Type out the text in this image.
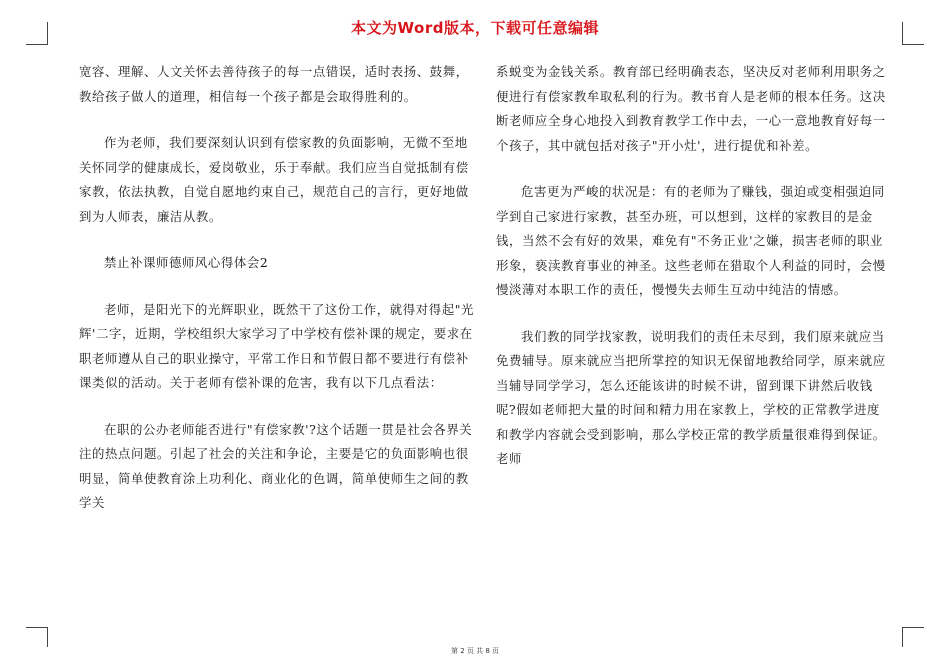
本文为Word版本，下载可任意编辑

宽容、理解、人文关怀去善待孩子的每一点错误，适时表扬、鼓舞，教给孩子做人的道理，相信每一个孩子都是会取得胜利的。

作为老师，我们要深刻认识到有偿家教的负面影响，无微不至地关怀同学的健康成长，爱岗敬业，乐于奉献。我们应当自觉抵制有偿家教，依法执教，自觉自愿地约束自己，规范自己的言行，更好地做到为人师表，廉洁从教。

禁止补课师德师风心得体会2

老师，是阳光下的光辉职业，既然干了这份工作，就得对得起"光辉'二字，近期，学校组织大家学习了中学校有偿补课的规定，要求在职老师遵从自己的职业操守，平常工作日和节假日都不要进行有偿补课类似的活动。关于老师有偿补课的危害，我有以下几点看法：

在职的公办老师能否进行"有偿家教'?这个话题一贯是社会各界关注的热点问题。引起了社会的关注和争论，主要是它的负面影响也很明显，简单使教育涂上功利化、商业化的色调，简单使师生之间的教学关

系蜕变为金钱关系。教育部已经明确表态，坚决反对老师利用职务之便进行有偿家教牟取私利的行为。教书育人是老师的根本任务。这决断老师应全身心地投入到教育教学工作中去，一心一意地教育好每一个孩子，其中就包括对孩子"开小灶'，进行提优和补差。

危害更为严峻的状况是：有的老师为了赚钱，强迫或变相强迫同学到自己家进行家教，甚至办班，可以想到，这样的家教目的是金钱，当然不会有好的效果，难免有"不务正业'之嫌，损害老师的职业形象，亵渎教育事业的神圣。这些老师在猎取个人利益的同时，会慢慢淡薄对本职工作的责任，慢慢失去师生互动中纯洁的情感。

我们教的同学找家教，说明我们的责任未尽到，我们原来就应当免费辅导。原来就应当把所掌控的知识无保留地教给同学，原来就应当辅导同学学习，怎么还能该讲的时候不讲，留到课下讲然后收钱呢?假如老师把大量的时间和精力用在家教上，学校的正常教学进度和教学内容就会受到影响，那么学校正常的教学质量很难得到保证。老师

第 2 页 共 8 页
